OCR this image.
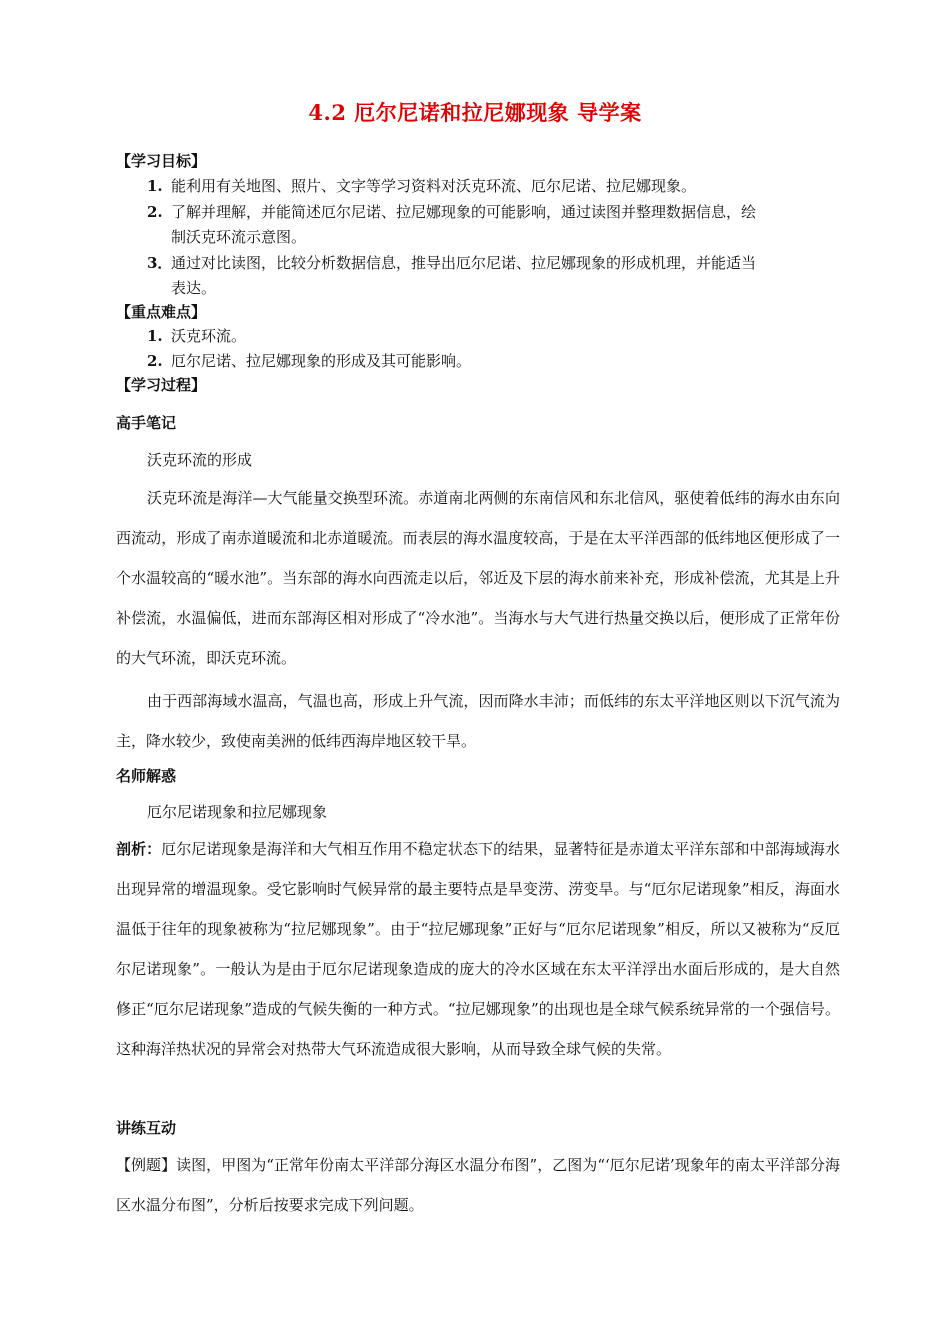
4.2 厄尔尼诺和拉尼娜现象 导学案
【学习目标】
1. 能利用有关地图、照片、文字等学习资料对沃克环流、厄尔尼诺、拉尼娜现象。
2. 了解并理解，并能简述厄尔尼诺、拉尼娜现象的可能影响，通过读图并整理数据信息，绘
制沃克环流示意图。
3．通过对比读图，比较分析数据信息，推导出厄尔尼诺、拉尼娜现象的形成机理，并能适当
表达。
【重点难点】
1. 沃克环流。
2. 厄尔尼诺、拉尼娜现象的形成及其可能影响。
【学习过程】
高手笔记
沃克环流的形成
沃克环流是海洋—大气能量交换型环流。赤道南北两侧的东南信风和东北信风，驱使着低纬的海水由东向西流动，形成了南赤道暖流和北赤道暖流。而表层的海水温度较高，于是在太平洋西部的低纬地区便形成了一个水温较高的“暖水池”。当东部的海水向西流走以后，邻近及下层的海水前来补充，形成补偿流，尤其是上升补偿流，水温偏低，进而东部海区相对形成了“冷水池”。当海水与大气进行热量交换以后，便形成了正常年份的大气环流，即沃克环流。
由于西部海域水温高，气温也高，形成上升气流，因而降水丰沛；而低纬的东太平洋地区则以下沉气流为主，降水较少，致使南美洲的低纬西海岸地区较干旱。
名师解惑
厄尔尼诺现象和拉尼娜现象
剖析：厄尔尼诺现象是海洋和大气相互作用不稳定状态下的结果，显著特征是赤道太平洋东部和中部海域海水出现异常的增温现象。受它影响时气候异常的最主要特点是旱变涝、涝变旱。与“厄尔尼诺现象”相反，海面水温低于往年的现象被称为“拉尼娜现象”。由于“拉尼娜现象”正好与“厄尔尼诺现象”相反，所以又被称为“反厄尔尼诺现象”。一般认为是由于厄尔尼诺现象造成的庞大的冷水区域在东太平洋浮出水面后形成的，是大自然修正“厄尔尼诺现象”造成的气候失衡的一种方式。“拉尼娜现象”的出现也是全球气候系统异常的一个强信号。这种海洋热状况的异常会对热带大气环流造成很大影响，从而导致全球气候的失常。
讲练互动
【例题】读图，甲图为“正常年份南太平洋部分海区水温分布图”，乙图为“‘厄尔尼诺’现象年的南太平洋部分海区水温分布图”，分析后按要求完成下列问题。
